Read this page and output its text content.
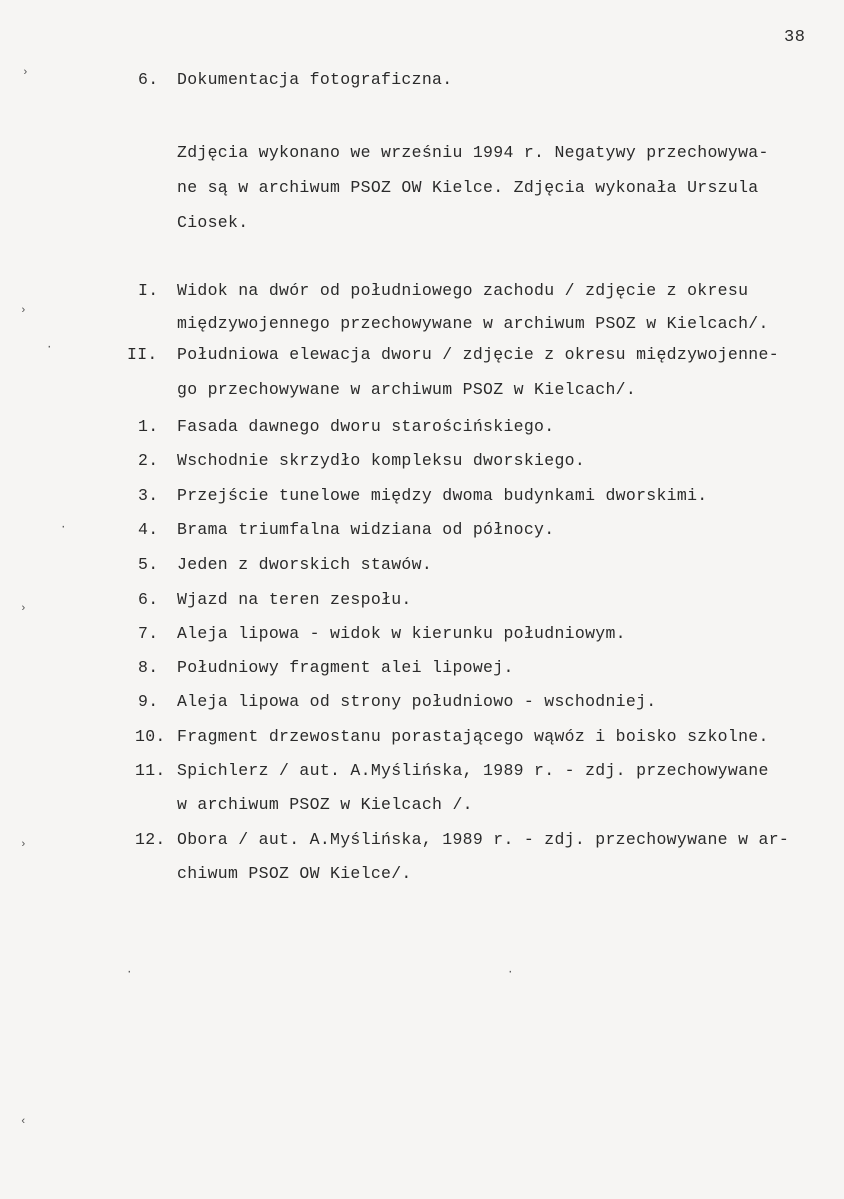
38
6. Dokumentacja fotograficzna.
Zdjęcia wykonano we wrześniu 1994 r. Negatywy przechowywa-
ne są w archiwum PSOZ OW Kielce. Zdjęcia wykonała Urszula
Ciosek.
I. Widok na dwór od południowego zachodu / zdjęcie z okresu
międzywojennego przechowywane w archiwum PSOZ w Kielcach/.
II. Południowa elewacja dworu / zdjęcie z okresu międzywojenne-
go przechowywane w archiwum PSOZ w Kielcach/.
1. Fasada dawnego dworu starościńskiego.
2. Wschodnie skrzydło kompleksu dworskiego.
3. Przejście tunelowe między dwoma budynkami dworskimi.
4. Brama triumfalna widziana od północy.
5. Jeden z dworskich stawów.
6. Wjazd na teren zespołu.
7. Aleja lipowa - widok w kierunku południowym.
8. Południowy fragment alei lipowej.
9. Aleja lipowa od strony południowo - wschodniej.
10. Fragment drzewostanu porastającego wąwóz i boisko szkolne.
11. Spichlerz / aut. A.Myślińska, 1989 r. - zdj. przechowywane
w archiwum PSOZ w Kielcach /.
12. Obora / aut. A.Myślińska, 1989 r. - zdj. przechowywane w ar-
chiwum PSOZ OW Kielce/.
›
›
·
·
›
›
·	·
‹
